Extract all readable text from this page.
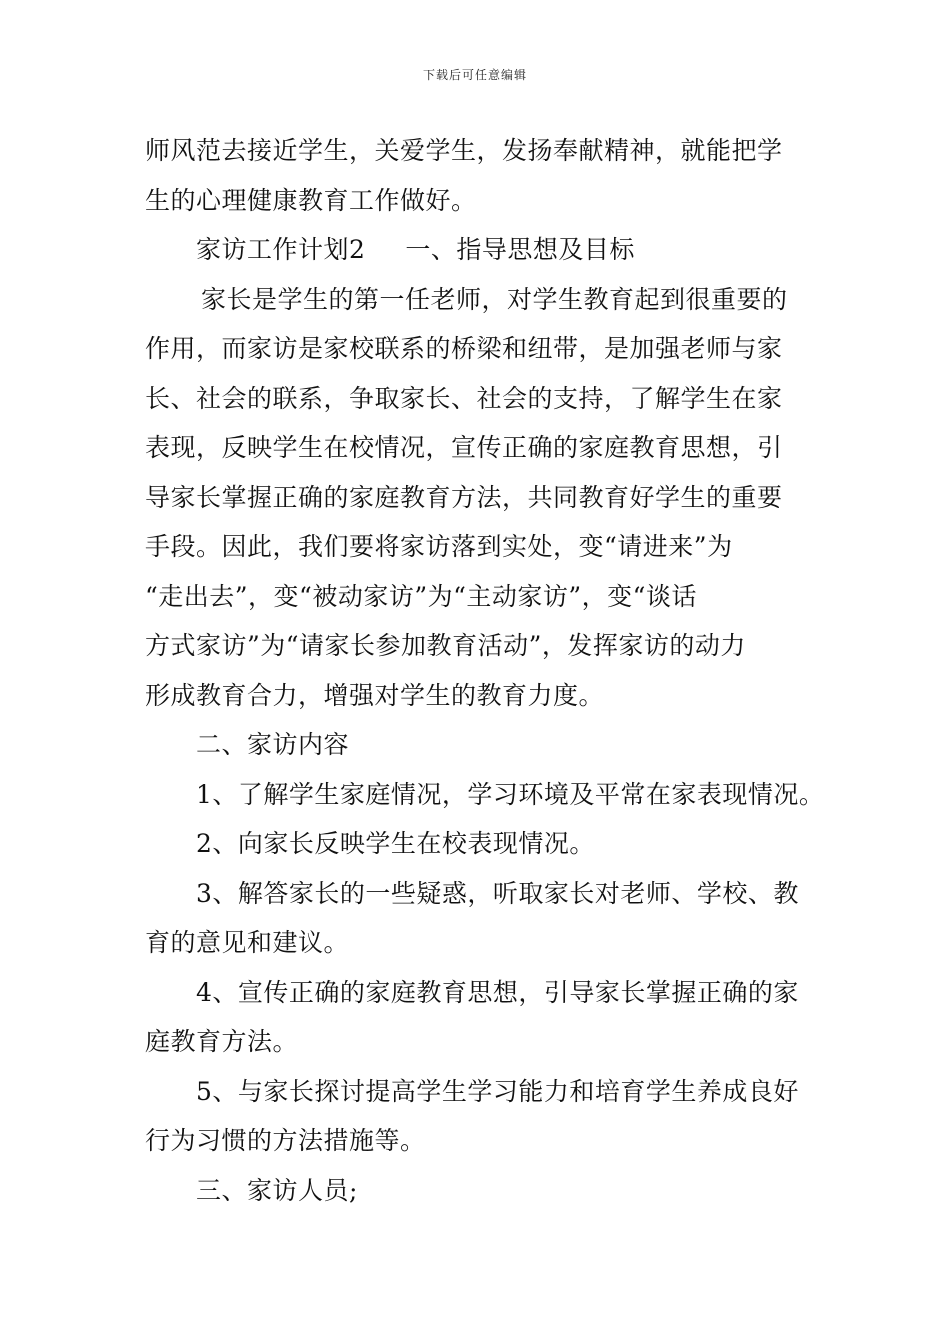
下载后可任意编辑
师风范去接近学生，关爱学生，发扬奉献精神，就能把学
生的心理健康教育工作做好。
家访工作计划2 一、指导思想及目标
家长是学生的第一任老师，对学生教育起到很重要的
作用，而家访是家校联系的桥梁和纽带，是加强老师与家
长、社会的联系，争取家长、社会的支持，了解学生在家
表现，反映学生在校情况，宣传正确的家庭教育思想，引
导家长掌握正确的家庭教育方法，共同教育好学生的重要
手段。因此，我们要将家访落到实处，变“请进来”为
“走出去”，变“被动家访”为“主动家访”，变“谈话
方式家访”为“请家长参加教育活动”，发挥家访的动力
形成教育合力，增强对学生的教育力度。
二、家访内容
1、了解学生家庭情况，学习环境及平常在家表现情况。
2、向家长反映学生在校表现情况。
3、解答家长的一些疑惑，听取家长对老师、学校、教
育的意见和建议。
4、宣传正确的家庭教育思想，引导家长掌握正确的家
庭教育方法。
5、与家长探讨提高学生学习能力和培育学生养成良好
行为习惯的方法措施等。
三、家访人员;
